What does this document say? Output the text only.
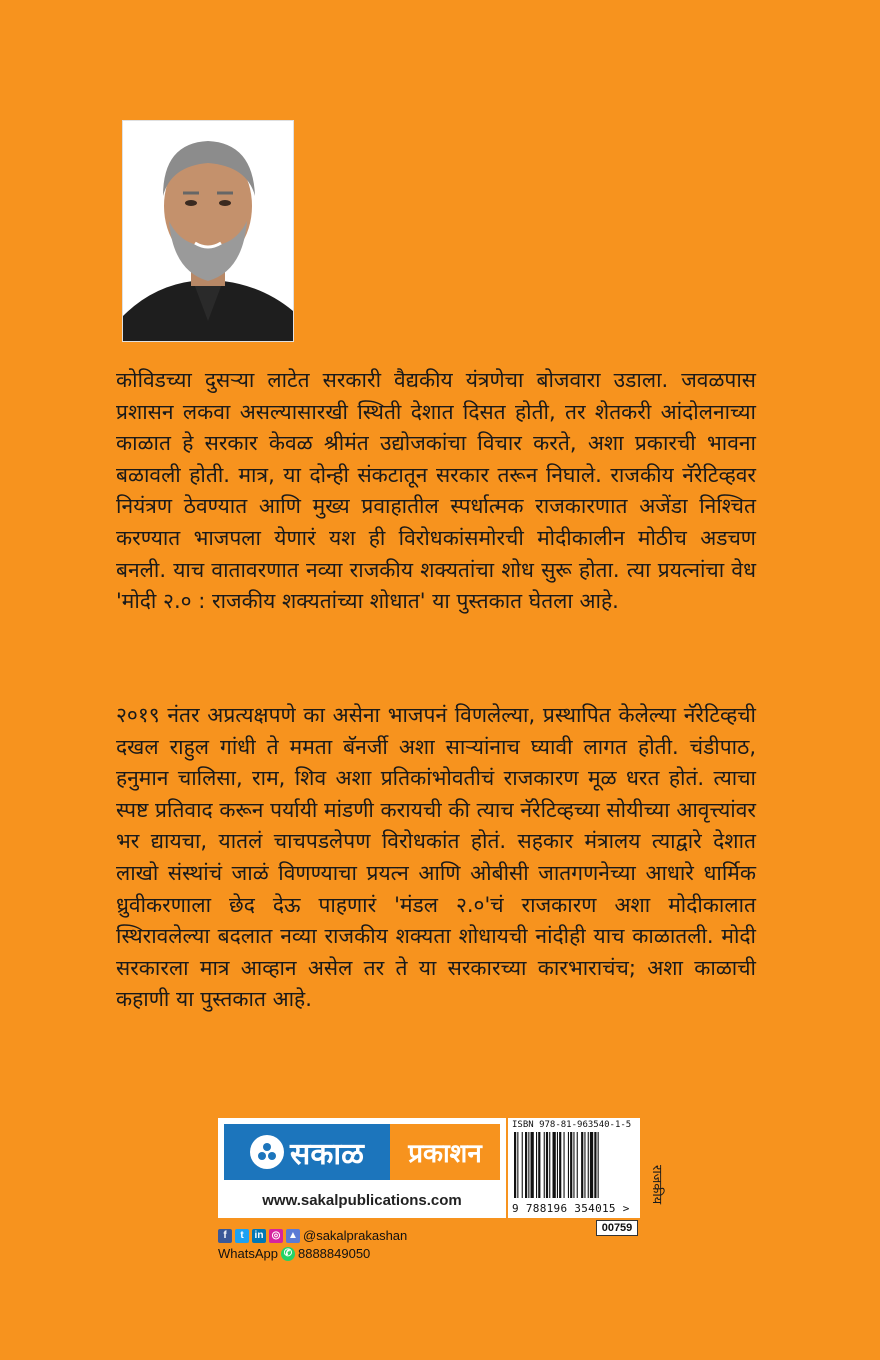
कोविडच्या दुसऱ्या लाटेत सरकारी वैद्यकीय यंत्रणेचा बोजवारा उडाला. जवळपास प्रशासन लकवा असल्यासारखी स्थिती देशात दिसत होती, तर शेतकरी आंदोलनाच्या काळात हे सरकार केवळ श्रीमंत उद्योजकांचा विचार करते, अशा प्रकारची भावना बळावली होती. मात्र, या दोन्ही संकटातून सरकार तरून निघाले. राजकीय नॅरेटिव्हवर नियंत्रण ठेवण्यात आणि मुख्य प्रवाहातील स्पर्धात्मक राजकारणात अजेंडा निश्चित करण्यात भाजपला येणारं यश ही विरोधकांसमोरची मोदीकालीन मोठीच अडचण बनली. याच वातावरणात नव्या राजकीय शक्यतांचा शोध सुरू होता. त्या प्रयत्नांचा वेध 'मोदी २.० : राजकीय शक्यतांच्या शोधात' या पुस्तकात घेतला आहे.

२०१९ नंतर अप्रत्यक्षपणे का असेना भाजपनं विणलेल्या, प्रस्थापित केलेल्या नॅरेटिव्हची दखल राहुल गांधी ते ममता बॅनर्जी अशा साऱ्यांनाच घ्यावी लागत होती. चंडीपाठ, हनुमान चालिसा, राम, शिव अशा प्रतिकांभोवतीचं राजकारण मूळ धरत होतं. त्याचा स्पष्ट प्रतिवाद करून पर्यायी मांडणी करायची की त्याच नॅरेटिव्हच्या सोयीच्या आवृत्त्यांवर भर द्यायचा, यातलं चाचपडलेपण विरोधकांत होतं. सहकार मंत्रालय त्याद्वारे देशात लाखो संस्थांचं जाळं विणण्याचा प्रयत्न आणि ओबीसी जातगणनेच्या आधारे धार्मिक ध्रुवीकरणाला छेद देऊ पाहणारं 'मंडल २.०'चं राजकारण अशा मोदीकालात स्थिरावलेल्या बदलात नव्या राजकीय शक्यता शोधायची नांदीही याच काळातली. मोदी सरकारला मात्र आव्हान असेल तर ते या सरकारच्या कारभाराचंच; अशा काळाची कहाणी या पुस्तकात आहे.

सकाळ	प्रकाशन
www.sakalpublications.com
ISBN 978-81-963540-1-5
9 788196 354015 >
00759
राजकीय
f	t	in ◎ ▲ @sakalprakashan
WhatsApp ✆ 8888849050
